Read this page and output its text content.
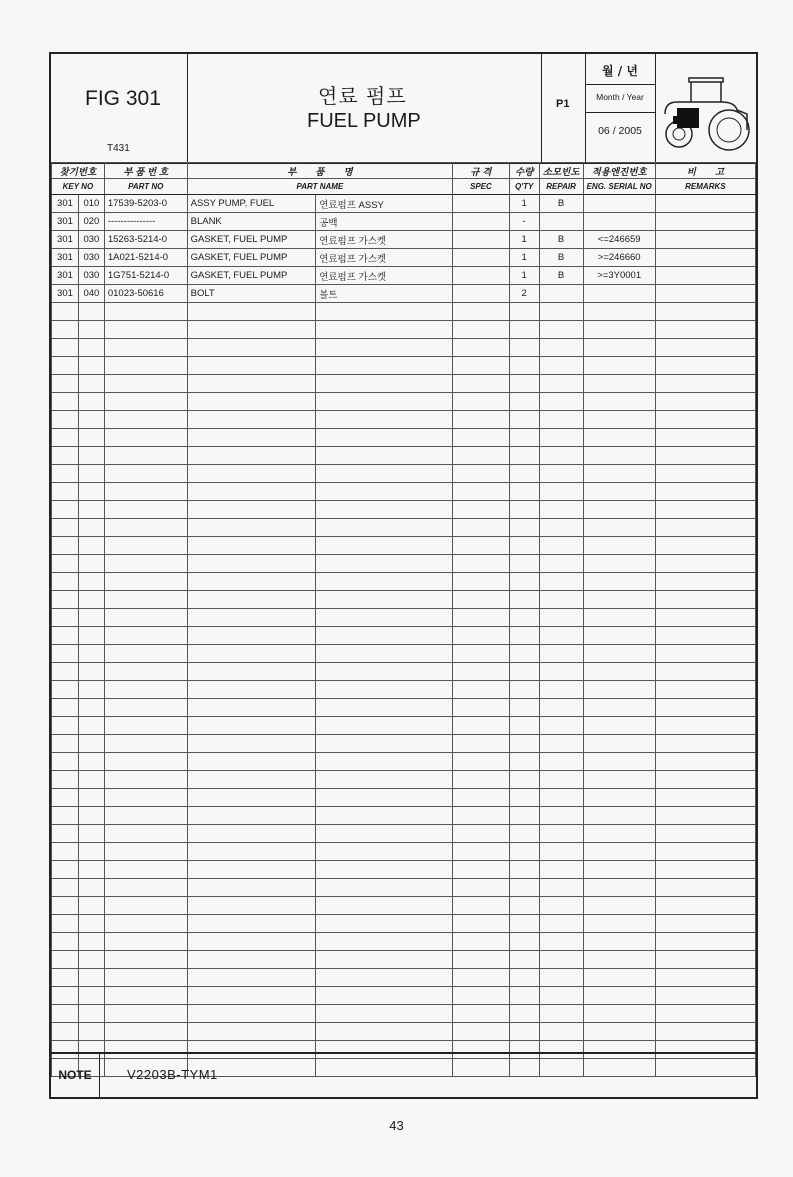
FIG 301
T431
연료 펌프
FUEL PUMP
P1
월 / 년
Month / Year
06 / 2005
찾기번호		부 품 번 호	부　　품　　명		규 격	수량	소모빈도	적용엔진번호	비　　고
KEY NO		PART NO	PART NAME		SPEC	Q'TY	REPAIR	ENG. SERIAL NO	REMARKS
301	010	17539-5203-0	ASSY PUMP, FUEL	연료펌프 ASSY		1	B		
301	020	---------------	BLANK	공백		-			
301	030	15263-5214-0	GASKET, FUEL PUMP	연료펌프 가스켓		1	B	<=246659	
301	030	1A021-5214-0	GASKET, FUEL PUMP	연료펌프 가스켓		1	B	>=246660	
301	030	1G751-5214-0	GASKET, FUEL PUMP	연료펌프 가스켓		1	B	>=3Y0001	
301	040	01023-50616	BOLT	볼트		2			

NOTE	V2203B-TYM1
43
